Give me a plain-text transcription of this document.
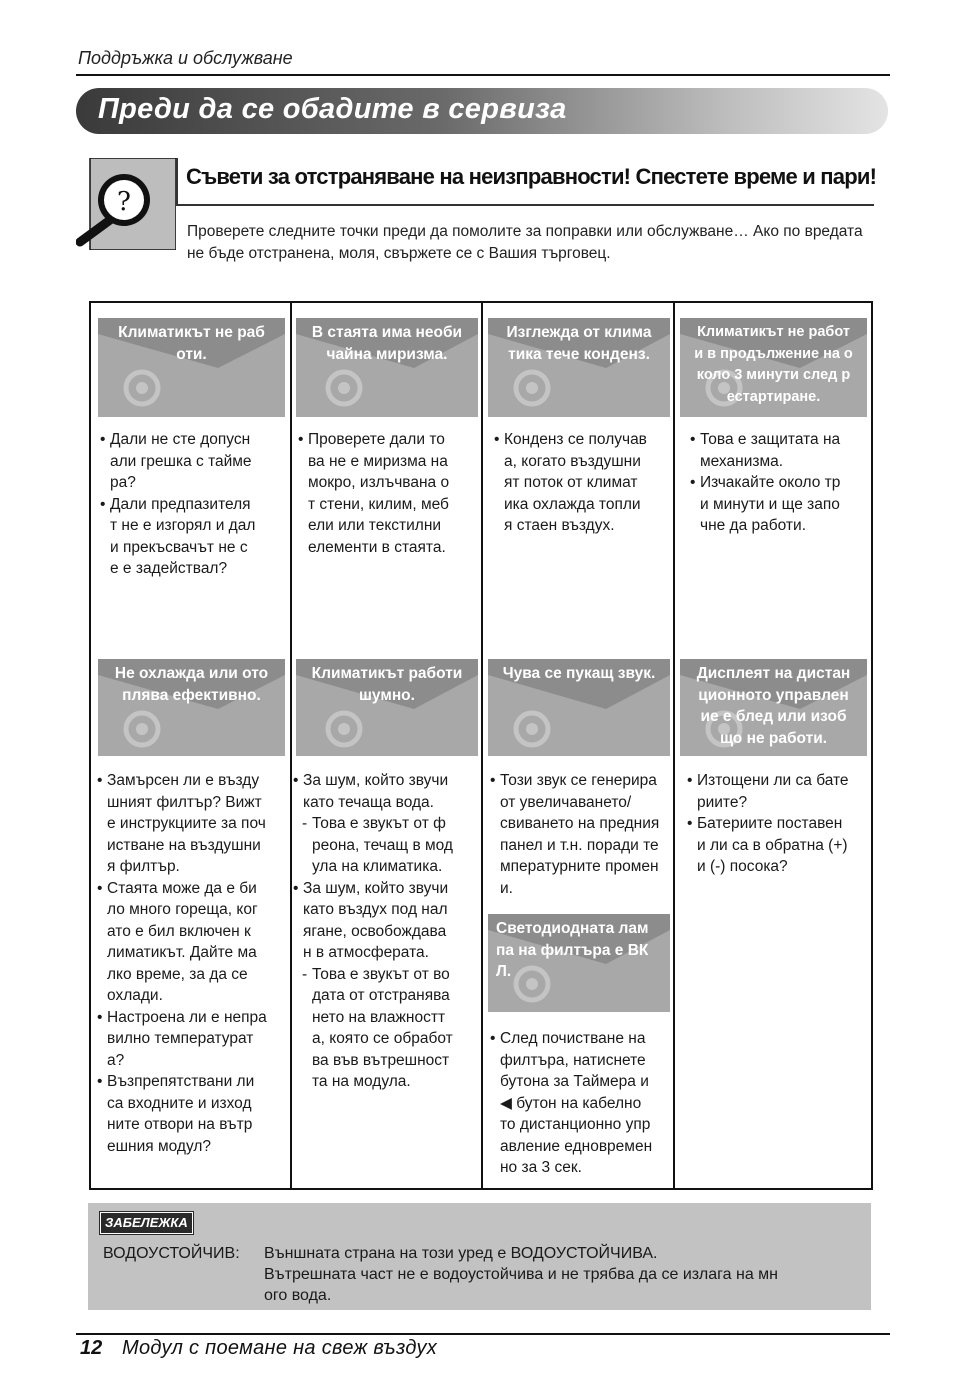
Поддръжка и обслужване
Преди да се обадите в сервиза
?
Съвети за отстраняване на неизправности! Спестете време и пари!
Проверете следните точки преди да помолите за поправки или обслужване… Ако по вредата не бъде отстранена, моля, свържете се с Вашия търговец.
Климатикът не раб
оти.
• Дали не сте допусн
али грешка с тайме
ра?
• Дали предпазителя
т не е изгорял и дал
и прекъсвачът не с
е е задействал?
В стаята има необи
чайна миризма.
• Проверете дали то
ва не е миризма на
мокро, излъчвана о
т стени, килим, меб
ели или текстилни
елементи в стаята.
Изглежда от клима
тика тече конденз.
• Конденз се получав
а, когато въздушни
ят поток от климат
ика охлажда топли
я стаен въздух.
Климатикът не работ
и в продължение на о
коло 3 минути след р
естартиране.
• Това е защитата на
механизма.
• Изчакайте около тр
и минути и ще запо
чне да работи.
Не охлажда или ото
плява ефективно.
• Замърсен ли е възду
шният филтър? Вижт
е инструкциите за поч
истване на въздушни
я филтър.
• Стаята може да е би
ло много гореща, ког
ато е бил включен к
лиматикът. Дайте ма
лко време, за да се
охлади.
• Настроена ли е непра
вилно температурат
а?
• Възпрепятствани ли
са входните и изход
ните отвори на вътр
ешния модул?
Климатикът работи
шумно.
• За шум, който звучи
като течаща вода.
- Това е звукът от ф
реона, течащ в мод
ула на климатика.
• За шум, който звучи
като въздух под нал
ягане, освобождава
н в атмосферата.
- Това е звукът от во
дата от отстранява
нето на влажностт
а, която се обработ
ва във вътрешност
та на модула.
Чува се пукащ звук.
• Този звук се генерира
от увеличаването/
свиването на предния
панел и т.н. поради те
мпературните промен
и.
Светодиодната лам
па на филтъра е ВК
Л.
• След почистване на
филтъра, натиснете
бутона за Таймера и
◀ бутон на кабелно
то дистанционно упр
авление едновремен
но за 3 сек.
Дисплеят на дистан
ционното управлен
ие е блед или изоб
що не работи.
• Изтощени ли са бате
риите?
• Батериите поставен
и ли са в обратна (+)
и (-) посока?
ЗАБЕЛЕЖКА
ВОДОУСТОЙЧИВ: Външната страна на този уред е ВОДОУСТОЙЧИВА.
Вътрешната част не е водоустойчива и не трябва да се излага на мн
ого вода.
12 Модул с поемане на свеж въздух
